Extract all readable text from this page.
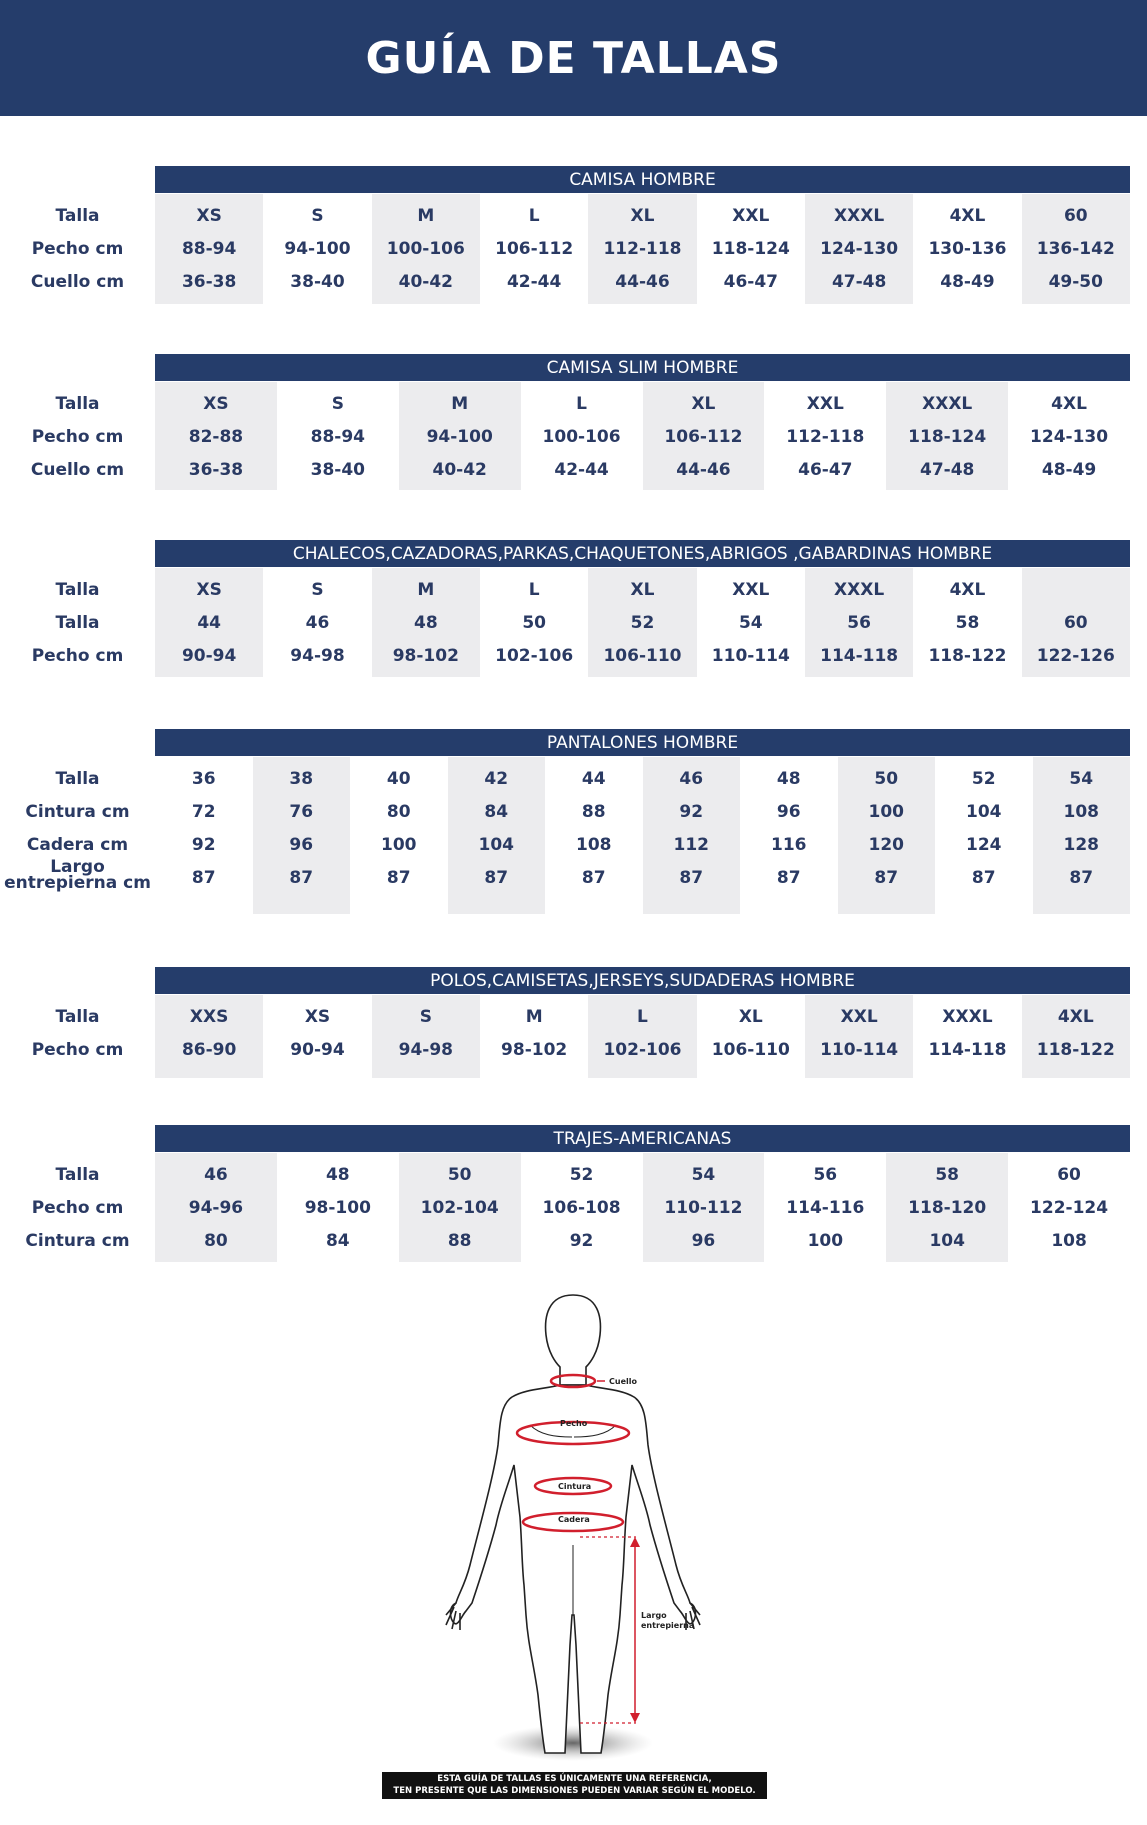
GUÍA DE TALLAS
CAMISA HOMBRE
Talla
Pecho cm
Cuello cm
XS
88-94
36-38
S
94-100
38-40
M
100-106
40-42
L
106-112
42-44
XL
112-118
44-46
XXL
118-124
46-47
XXXL
124-130
47-48
4XL
130-136
48-49
60
136-142
49-50
CAMISA SLIM HOMBRE
Talla
Pecho cm
Cuello cm
XS
82-88
36-38
S
88-94
38-40
M
94-100
40-42
L
100-106
42-44
XL
106-112
44-46
XXL
112-118
46-47
XXXL
118-124
47-48
4XL
124-130
48-49
CHALECOS,CAZADORAS,PARKAS,CHAQUETONES,ABRIGOS ,GABARDINAS HOMBRE
Talla
Talla
Pecho cm
XS
44
90-94
S
46
94-98
M
48
98-102
L
50
102-106
XL
52
106-110
XXL
54
110-114
XXXL
56
114-118
4XL
58
118-122
60
122-126
PANTALONES HOMBRE
Talla
Cintura cm
Cadera cm
Largo
entrepierna cm
36
72
92
87
38
76
96
87
40
80
100
87
42
84
104
87
44
88
108
87
46
92
112
87
48
96
116
87
50
100
120
87
52
104
124
87
54
108
128
87
POLOS,CAMISETAS,JERSEYS,SUDADERAS HOMBRE
Talla
Pecho cm
XXS
86-90
XS
90-94
S
94-98
M
98-102
L
102-106
XL
106-110
XXL
110-114
XXXL
114-118
4XL
118-122
TRAJES-AMERICANAS
Talla
Pecho cm
Cintura cm
46
94-96
80
48
98-100
84
50
102-104
88
52
106-108
92
54
110-112
96
56
114-116
100
58
118-120
104
60
122-124
108
Cuello
Pecho
Cintura
Cadera
Largo
entrepierna
ESTA GUÍA DE TALLAS ES ÚNICAMENTE UNA REFERENCIA,
TEN PRESENTE QUE LAS DIMENSIONES PUEDEN VARIAR SEGÚN EL MODELO.
